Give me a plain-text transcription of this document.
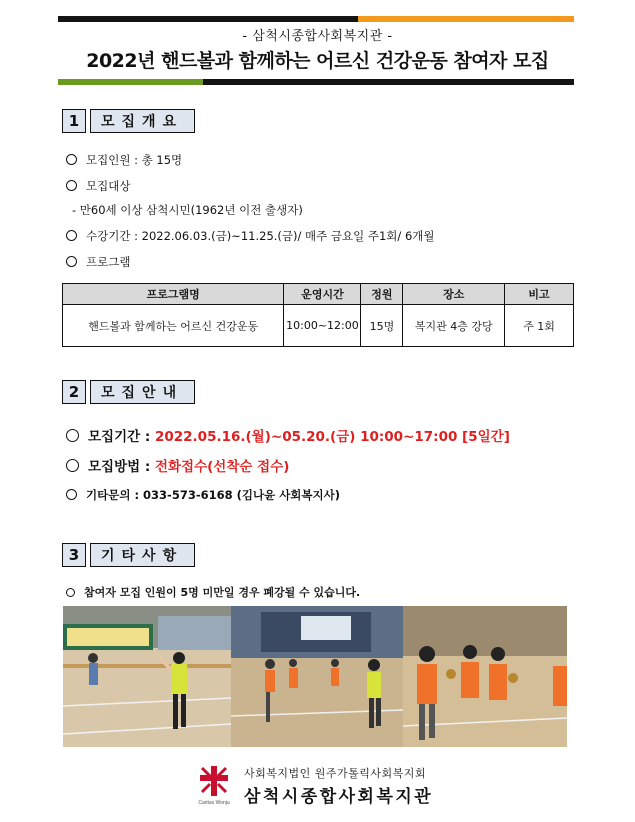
- 삼척시종합사회복지관 -
2022년 핸드볼과 함께하는 어르신 건강운동 참여자 모집
1	모집개요
모집인원 : 총 15명
모집대상
- 만60세 이상 삼척시민(1962년 이전 출생자)
수강기간 : 2022.06.03.(금)~11.25.(금)/ 매주 금요일 주1회/ 6개월
프로그램
프로그램명	운영시간	정원	장소	비고
핸드볼과 함께하는 어르신 건강운동	10:00~12:00	15명	복지관 4층 강당	주 1회
2	모집안내
모집기간 : 2022.05.16.(월)~05.20.(금) 10:00~17:00 [5일간]
모집방법 : 전화접수(선착순 접수)
기타문의 : 033-573-6168 (김나윤 사회복지사)
3	기타사항
참여자 모집 인원이 5명 미만일 경우 폐강될 수 있습니다.
Caritas Wonju
사회복지법인 원주가톨릭사회복지회
삼척시종합사회복지관
